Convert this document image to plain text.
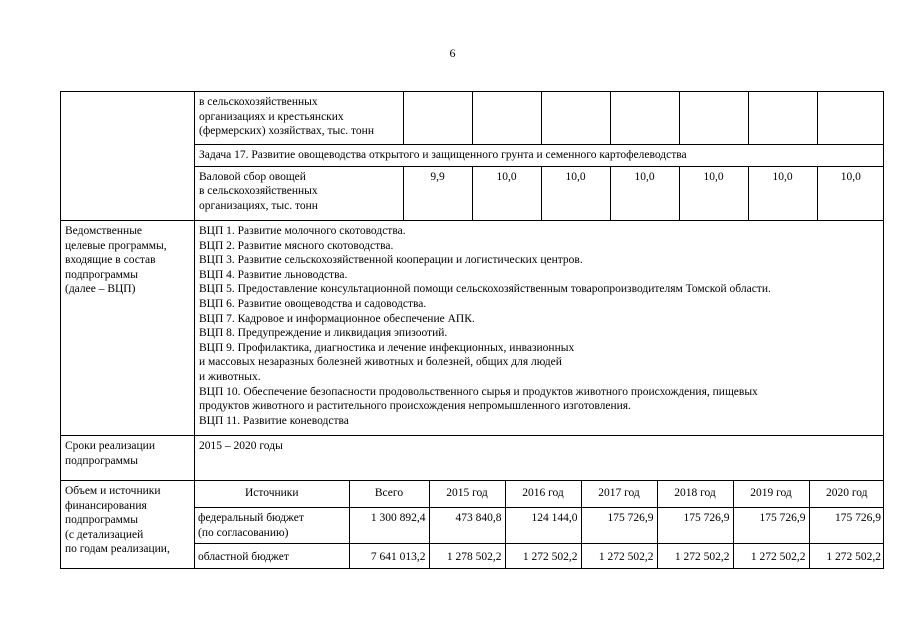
6

в сельскохозяйственных
организациях и крестьянских
(фермерских) хозяйствах, тыс. тонн

Задача 17. Развитие овощеводства открытого и защищенного грунта и семенного картофелеводства

Валовой сбор овощей
в сельскохозяйственных
организациях, тыс. тонн
	9,9	10,0	10,0	10,0	10,0	10,0	10,0

Ведомственные
целевые программы,
входящие в состав
подпрограммы
(далее – ВЦП)

ВЦП 1. Развитие молочного скотоводства.
ВЦП 2. Развитие мясного скотоводства.
ВЦП 3. Развитие сельскохозяйственной кооперации и логистических центров.
ВЦП 4. Развитие льноводства.
ВЦП 5. Предоставление консультационной помощи сельскохозяйственным товаропроизводителям Томской области.
ВЦП 6. Развитие овощеводства и садоводства.
ВЦП 7. Кадровое и информационное обеспечение АПК.
ВЦП 8. Предупреждение и ликвидация эпизоотий.
ВЦП 9. Профилактика, диагностика и лечение инфекционных, инвазионных
и массовых незаразных болезней животных и болезней, общих для людей
и животных.
ВЦП 10. Обеспечение безопасности продовольственного сырья и продуктов животного происхождения, пищевых
продуктов животного и растительного происхождения непромышленного изготовления.
ВЦП 11. Развитие коневодства

Сроки реализации
подпрограммы
	2015 – 2020 годы

Объем и источники
финансирования
подпрограммы
(с детализацией
по годам реализации,

Источники	Всего	2015 год	2016 год	2017 год	2018 год	2019 год	2020 год

федеральный бюджет
(по согласованию)
	1 300 892,4	473 840,8	124 144,0	175 726,9	175 726,9	175 726,9	175 726,9

областной бюджет	7 641 013,2	1 278 502,2	1 272 502,2	1 272 502,2	1 272 502,2	1 272 502,2	1 272 502,2
